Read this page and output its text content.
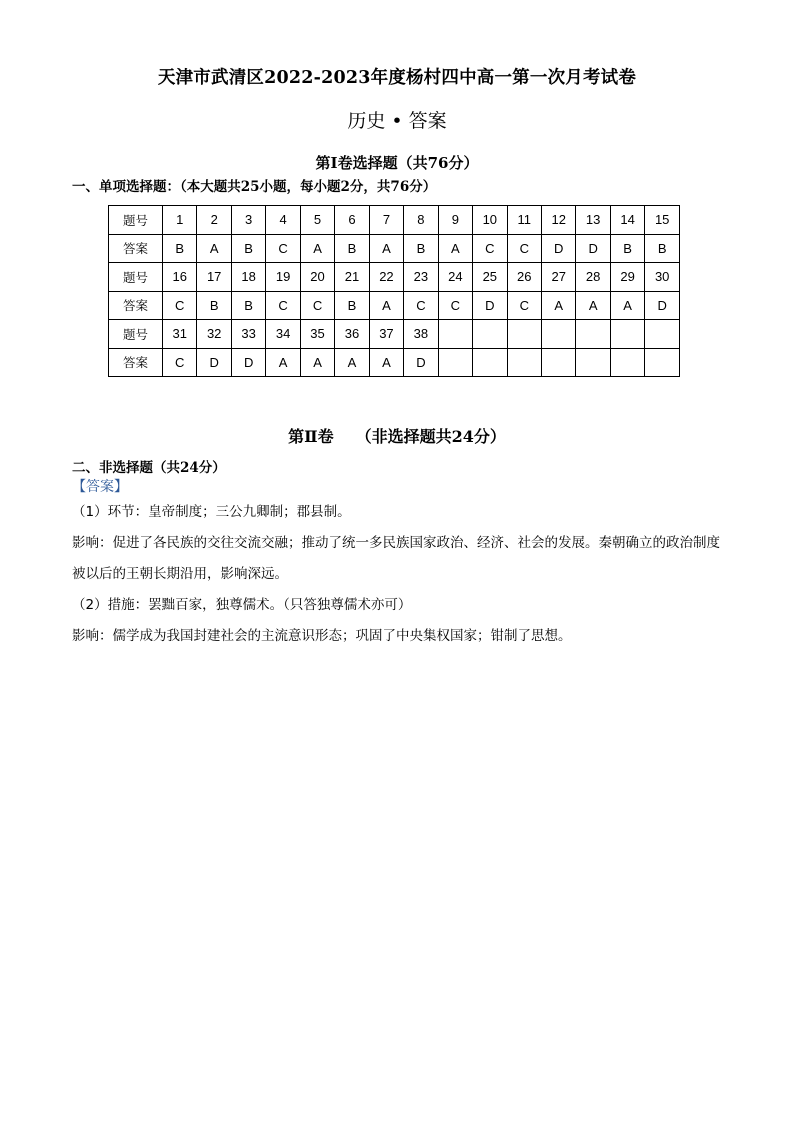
天津市武清区2022-2023年度杨村四中高一第一次月考试卷
历史 • 答案
第Ⅰ卷选择题（共76分）
一、单项选择题：（本大题共25小题，每小题2分，共76分）
题号	1	2	3	4	5	6	7	8	9	10	11	12	13	14	15
答案	B	A	B	C	A	B	A	B	A	C	C	D	D	B	B
题号	16	17	18	19	20	21	22	23	24	25	26	27	28	29	30
答案	C	B	B	C	C	B	A	C	C	D	C	A	A	A	D
题号	31	32	33	34	35	36	37	38							
答案	C	D	D	A	A	A	A	D							
第Ⅱ卷 （非选择题共24分）
二、非选择题（共24分）
【答案】
（1）环节：皇帝制度；三公九卿制；郡县制。
影响：促进了各民族的交往交流交融；推动了统一多民族国家政治、经济、社会的发展。秦朝确立的政治制度被以后的王朝长期沿用，影响深远。
（2）措施：罢黜百家，独尊儒术。（只答独尊儒术亦可）
影响：儒学成为我国封建社会的主流意识形态；巩固了中央集权国家；钳制了思想。
